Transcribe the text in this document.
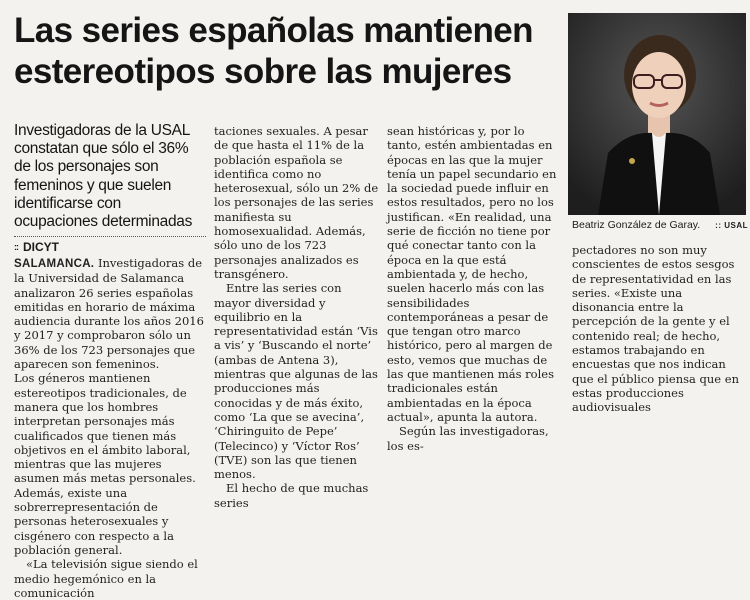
Las series españolas mantienen
estereotipos sobre las mujeres
Beatriz González de Garay. :: USAL
Investigadoras de la USAL constatan que sólo el 36% de los personajes son femeninos y que suelen identificarse con ocupaciones determinadas
:: DICYT

SALAMANCA. Investigadoras de la Universidad de Salamanca analizaron 26 series españolas emitidas en horario de máxima audiencia durante los años 2016 y 2017 y comprobaron sólo un 36% de los 723 personajes que aparecen son femeninos.

Los géneros mantienen estereotipos tradicionales, de manera que los hombres interpretan personajes más cualificados que tienen más objetivos en el ámbito laboral, mientras que las mujeres asumen más metas personales. Además, existe una sobrerrepresentación de personas heterosexuales y cisgénero con respecto a la población general.

«La televisión sigue siendo el medio hegemónico en la comunicación

taciones sexuales. A pesar de que hasta el 11% de la población española se identifica como no heterosexual, sólo un 2% de los personajes de las series manifiesta su homosexualidad. Además, sólo uno de los 723 personajes analizados es transgénero.

Entre las series con mayor diversidad y equilibrio en la representatividad están ‘Vis a vis’ y ‘Buscando el norte’ (ambas de Antena 3), mientras que algunas de las producciones más conocidas y de más éxito, como ‘La que se avecina’, ‘Chiringuito de Pepe’ (Telecinco) y ‘Víctor Ros’ (TVE) son las que tienen menos.

El hecho de que muchas series

sean históricas y, por lo tanto, estén ambientadas en épocas en las que la mujer tenía un papel secundario en la sociedad puede influir en estos resultados, pero no los justifican. «En realidad, una serie de ficción no tiene por qué conectar tanto con la época en la que está ambientada y, de hecho, suelen hacerlo más con las sensibilidades contemporáneas a pesar de que tengan otro marco histórico, pero al margen de esto, vemos que muchas de las que mantienen más roles tradicionales están ambientadas en la época actual», apunta la autora.

Según las investigadoras, los es-

pectadores no son muy conscientes de estos sesgos de representatividad en las series. «Existe una disonancia entre la percepción de la gente y el contenido real; de hecho, estamos trabajando en encuestas que nos indican que el público piensa que en estas producciones audiovisuales
